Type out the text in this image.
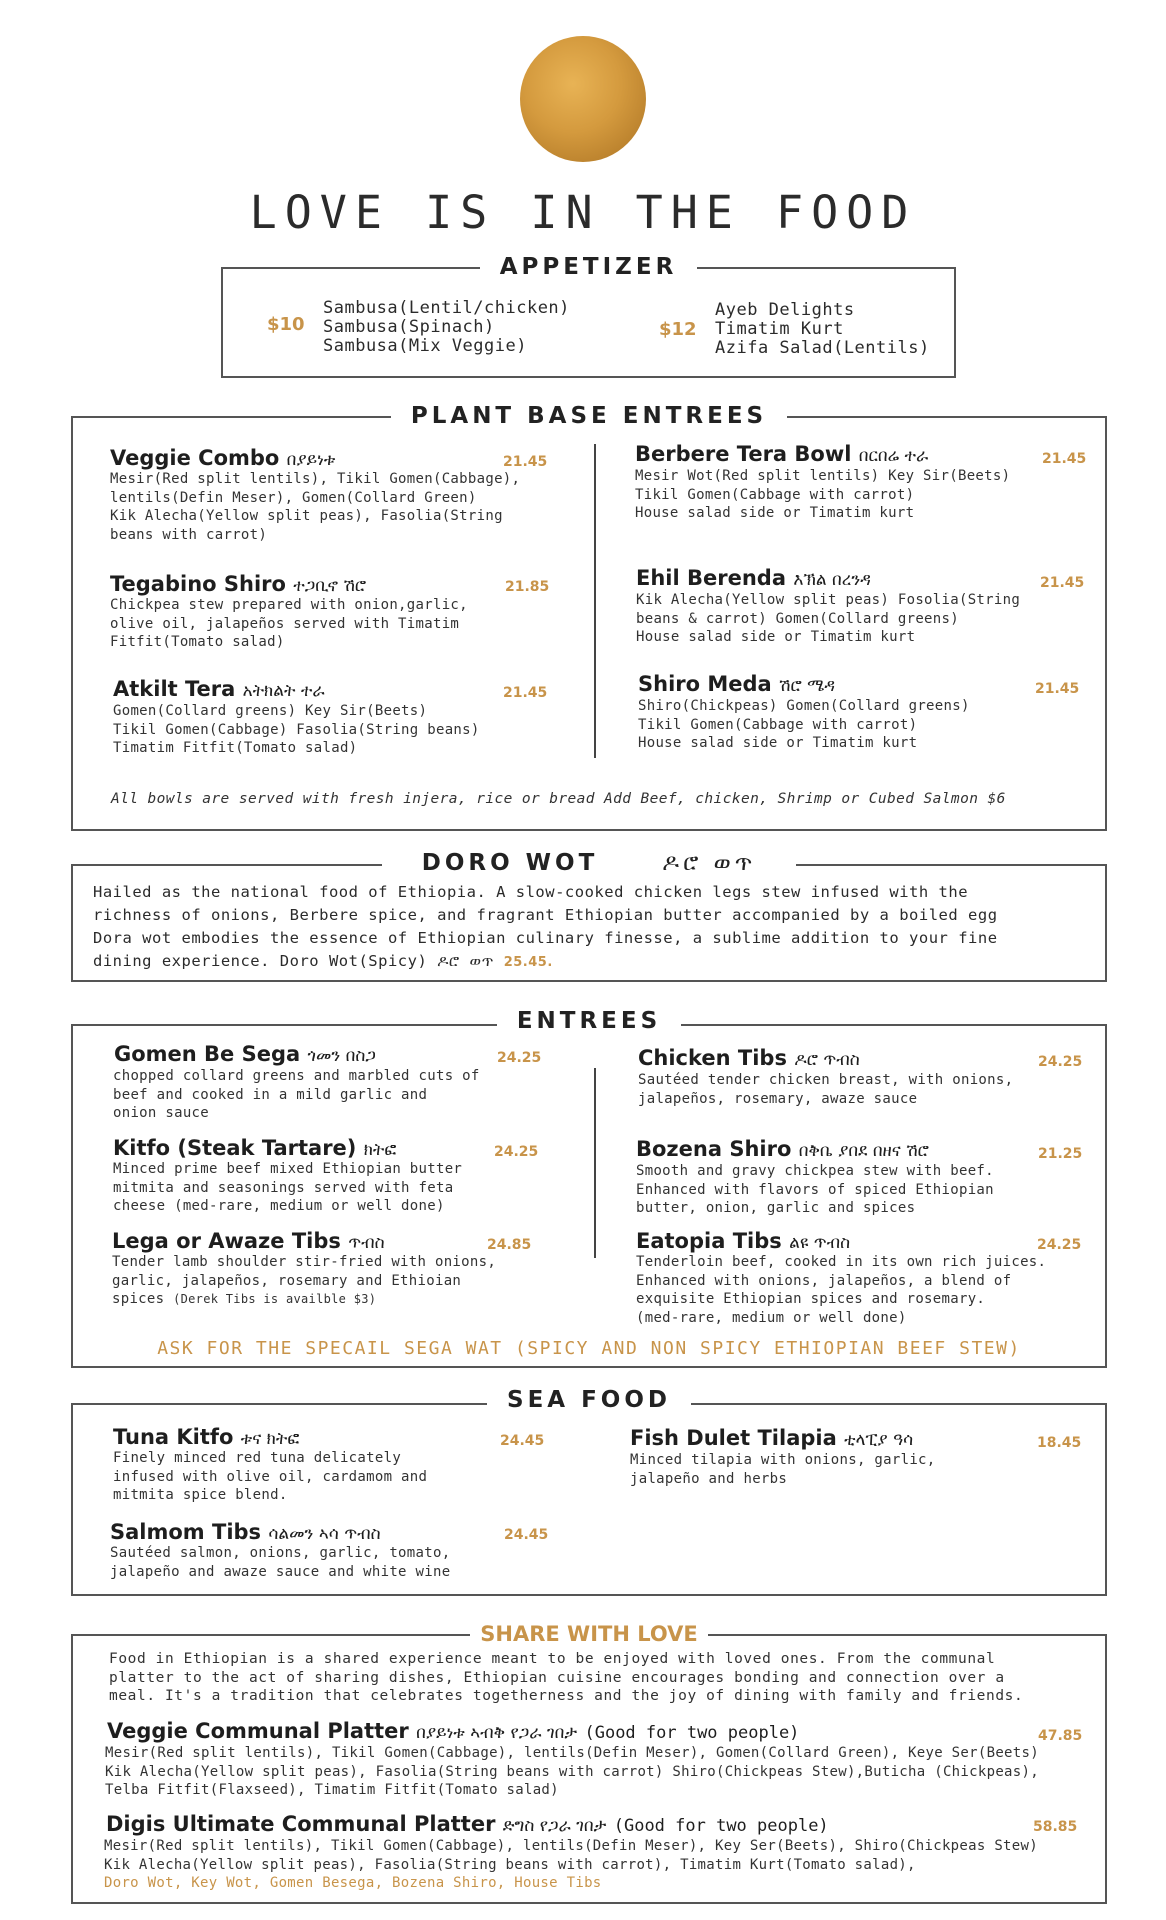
LOVE IS IN THE FOOD
APPETIZER
$10
Sambusa(Lentil/chicken)
Sambusa(Spinach)
Sambusa(Mix Veggie)
$12
Ayeb Delights
Timatim Kurt
Azifa Salad(Lentils)
PLANT BASE ENTREES
Veggie Combo በያይነቱ	21.45
Mesir(Red split lentils), Tikil Gomen(Cabbage),
lentils(Defin Meser), Gomen(Collard Green)
Kik Alecha(Yellow split peas), Fasolia(String
beans with carrot)
Tegabino Shiro ተጋቢኖ ሽሮ	21.85
Chickpea stew prepared with onion,garlic,
olive oil, jalapeños served with Timatim
Fitfit(Tomato salad)
Atkilt Tera አትክልት ተራ	21.45
Gomen(Collard greens) Key Sir(Beets)
Tikil Gomen(Cabbage) Fasolia(String beans)
Timatim Fitfit(Tomato salad)
Berbere Tera Bowl በርበሬ ተራ	21.45
Mesir Wot(Red split lentils) Key Sir(Beets)
Tikil Gomen(Cabbage with carrot)
House salad side or Timatim kurt
Ehil Berenda እኽል በረንዳ	21.45
Kik Alecha(Yellow split peas) Fosolia(String
beans & carrot) Gomen(Collard greens)
House salad side or Timatim kurt
Shiro Meda ሽሮ ሜዳ	21.45
Shiro(Chickpeas) Gomen(Collard greens)
Tikil Gomen(Cabbage with carrot)
House salad side or Timatim kurt
All bowls are served with fresh injera, rice or bread Add Beef, chicken, Shrimp or Cubed Salmon $6
DORO WOT	ዶሮ ወጥ
Hailed as the national food of Ethiopia. A slow-cooked chicken legs stew infused with the
richness of onions, Berbere spice, and fragrant Ethiopian butter accompanied by a boiled egg
Dora wot embodies the essence of Ethiopian culinary finesse, a sublime addition to your fine
dining experience. Doro Wot(Spicy) ዶሮ ወጥ 25.45.
ENTREES
Gomen Be Sega ጎመን በስጋ	24.25
chopped collard greens and marbled cuts of
beef and cooked in a mild garlic and
onion sauce
Kitfo (Steak Tartare) ክትፎ	24.25
Minced prime beef mixed Ethiopian butter
mitmita and seasonings served with feta
cheese (med-rare, medium or well done)
Lega or Awaze Tibs ጥብስ	24.85
Tender lamb shoulder stir-fried with onions,
garlic, jalapeños, rosemary and Ethioian
spices (Derek Tibs is availble $3)
Chicken Tibs ዶሮ ጥብስ	24.25
Sautéed tender chicken breast, with onions,
jalapeños, rosemary, awaze sauce
Bozena Shiro በቅቤ ያበደ በዘና ሽሮ	21.25
Smooth and gravy chickpea stew with beef.
Enhanced with flavors of spiced Ethiopian
butter, onion, garlic and spices
Eatopia Tibs ልዩ ጥብስ	24.25
Tenderloin beef, cooked in its own rich juices.
Enhanced with onions, jalapeños, a blend of
exquisite Ethiopian spices and rosemary.
(med-rare, medium or well done)
ASK FOR THE SPECAIL SEGA WAT (SPICY AND NON SPICY ETHIOPIAN BEEF STEW)
SEA FOOD
Tuna Kitfo ቱና ክትፎ	24.45
Finely minced red tuna delicately
infused with olive oil, cardamom and
mitmita spice blend.
Salmom Tibs ሳልመን ኣሳ ጥብስ	24.45
Sautéed salmon, onions, garlic, tomato,
jalapeño and awaze sauce and white wine
Fish Dulet Tilapia ቲላፒያ ዓሳ	18.45
Minced tilapia with onions, garlic,
jalapeño and herbs
SHARE WITH LOVE
Food in Ethiopian is a shared experience meant to be enjoyed with loved ones. From the communal
platter to the act of sharing dishes, Ethiopian cuisine encourages bonding and connection over a
meal. It's a tradition that celebrates togetherness and the joy of dining with family and friends.
Veggie Communal Platter በያይነቱ ኣብቅ የጋራ ገበታ (Good for two people)	47.85
Mesir(Red split lentils), Tikil Gomen(Cabbage), lentils(Defin Meser), Gomen(Collard Green), Keye Ser(Beets)
Kik Alecha(Yellow split peas), Fasolia(String beans with carrot) Shiro(Chickpeas Stew),Buticha (Chickpeas),
Telba Fitfit(Flaxseed), Timatim Fitfit(Tomato salad)
Digis Ultimate Communal Platter ድግስ የጋራ ገበታ (Good for two people)	58.85
Mesir(Red split lentils), Tikil Gomen(Cabbage), lentils(Defin Meser), Key Ser(Beets), Shiro(Chickpeas Stew)
Kik Alecha(Yellow split peas), Fasolia(String beans with carrot), Timatim Kurt(Tomato salad),
Doro Wot, Key Wot, Gomen Besega, Bozena Shiro, House Tibs
